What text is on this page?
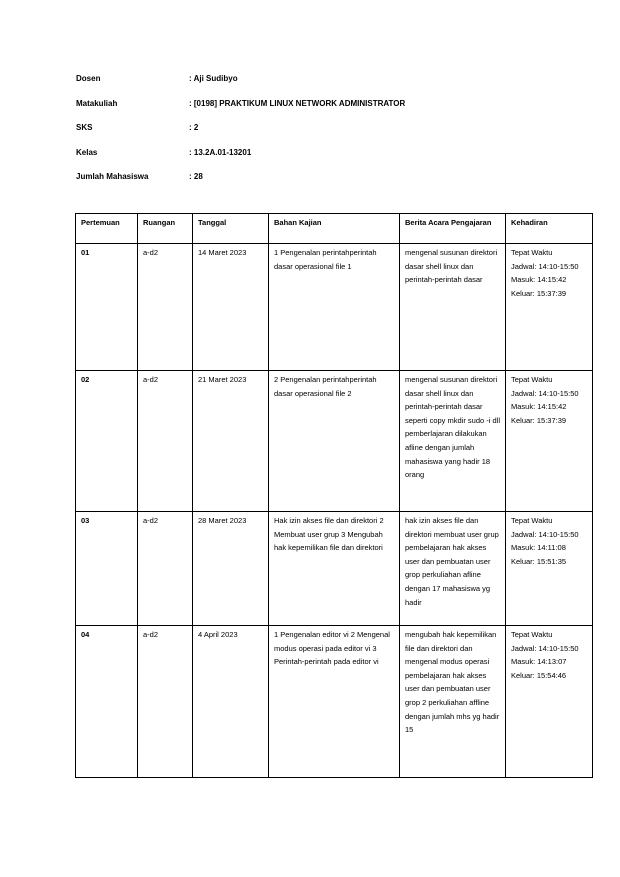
Dosen	: Aji Sudibyo
Matakuliah	: [0198] PRAKTIKUM LINUX NETWORK ADMINISTRATOR
SKS	: 2
Kelas	: 13.2A.01-13201
Jumlah Mahasiswa	: 28
Pertemuan	Ruangan	Tanggal	Bahan Kajian	Berita Acara Pengajaran	Kehadiran
01	a-d2	14 Maret 2023	1 Pengenalan perintahperintah dasar operasional file 1	mengenal susunan direktori dasar shell linux dan perintah-perintah dasar	Tepat Waktu
Jadwal: 14:10-15:50
Masuk: 14:15:42
Keluar: 15:37:39
02	a-d2	21 Maret 2023	2 Pengenalan perintahperintah dasar operasional file 2	mengenal susunan direktori dasar shell linux dan perintah-perintah dasar seperti copy mkdir sudo -i dll pemberlajaran dilakukan afline dengan jumlah mahasiswa yang hadir 18 orang	Tepat Waktu
Jadwal: 14:10-15:50
Masuk: 14:15:42
Keluar: 15:37:39
03	a-d2	28 Maret 2023	Hak izin akses file dan direktori 2 Membuat user grup 3 Mengubah hak kepemilikan file dan direktori	hak izin akses file dan direktori membuat user grup pembelajaran hak akses user dan pembuatan user grop perkuliahan afline dengan 17 mahasiswa yg hadir	Tepat Waktu
Jadwal: 14:10-15:50
Masuk: 14:11:08
Keluar: 15:51:35
04	a-d2	4 April 2023	1 Pengenalan editor vi 2 Mengenal modus operasi pada editor vi 3 Perintah-perintah pada editor vi	mengubah hak kepemilikan file dan direktori dan mengenal modus operasi pembelajaran hak akses user dan pembuatan user grop 2 perkuliahan affline dengan jumlah mhs yg hadir 15	Tepat Waktu
Jadwal: 14:10-15:50
Masuk: 14:13:07
Keluar: 15:54:46
